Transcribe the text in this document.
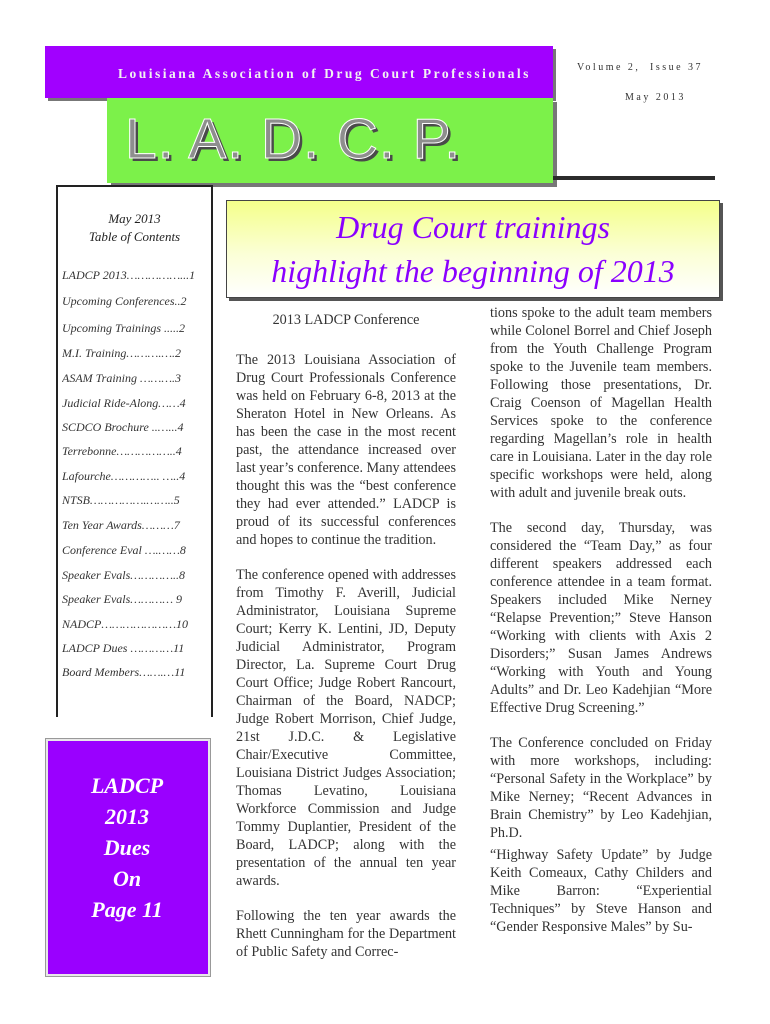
Louisiana Association of Drug Court Professionals
L. A. D. C. P.
Volume 2, Issue 37
May 2013
May 2013
Table of Contents
LADCP 2013……………...1
Upcoming Conferences..2
Upcoming Trainings .....2
M.I. Training……….….2
ASAM Training ……….3
Judicial Ride-Along……4
SCDCO Brochure ..…...4
Terrebonne……………..4
Lafourche………….. …..4
NTSB…………….……..5
Ten Year Awards………7
Conference Eval ….……8
Speaker Evals…………..8
Speaker Evals………… 9
NADCP…………………10
LADCP Dues …………11
Board Members…….…11
LADCP
2013
Dues
On
Page 11
Drug Court trainings
highlight the beginning of 2013

2013 LADCP Conference

The 2013 Louisiana Association of Drug Court Professionals Conference was held on February 6-8, 2013 at the Sheraton Hotel in New Orleans. As has been the case in the most recent past, the attendance increased over last year’s conference. Many attendees thought this was the “best conference they had ever attended.” LADCP is proud of its successful conferences and hopes to continue the tradition.

The conference opened with addresses from Timothy F. Averill, Judicial Administrator, Louisiana Supreme Court; Kerry K. Lentini, JD, Deputy Judicial Administrator, Program Director, La. Supreme Court Drug Court Office; Judge Robert Rancourt, Chairman of the Board, NADCP; Judge Robert Morrison, Chief Judge, 21st J.D.C. & Legislative Chair/Executive Committee, Louisiana District Judges Association; Thomas Levatino, Louisiana Workforce Commission and Judge Tommy Duplantier, President of the Board, LADCP; along with the presentation of the annual ten year awards.

Following the ten year awards the Rhett Cunningham for the Department of Public Safety and Correc-

tions spoke to the adult team members while Colonel Borrel and Chief Joseph from the Youth Challenge Program spoke to the Juvenile team members. Following those presentations, Dr. Craig Coenson of Magellan Health Services spoke to the conference regarding Magellan’s role in health care in Louisiana. Later in the day role specific workshops were held, along with adult and juvenile break outs.

The second day, Thursday, was considered the “Team Day,” as four different speakers addressed each conference attendee in a team format. Speakers included Mike Nerney “Relapse Prevention;” Steve Hanson “Working with clients with Axis 2 Disorders;” Susan James Andrews “Working with Youth and Young Adults” and Dr. Leo Kadehjian “More Effective Drug Screening.”

The Conference concluded on Friday with more workshops, including: “Personal Safety in the Workplace” by Mike Nerney; “Recent Advances in Brain Chemistry” by Leo Kadehjian, Ph.D.

“Highway Safety Update” by Judge Keith Comeaux, Cathy Childers and Mike Barron: “Experiential Techniques” by Steve Hanson and “Gender Responsive Males” by Su-
